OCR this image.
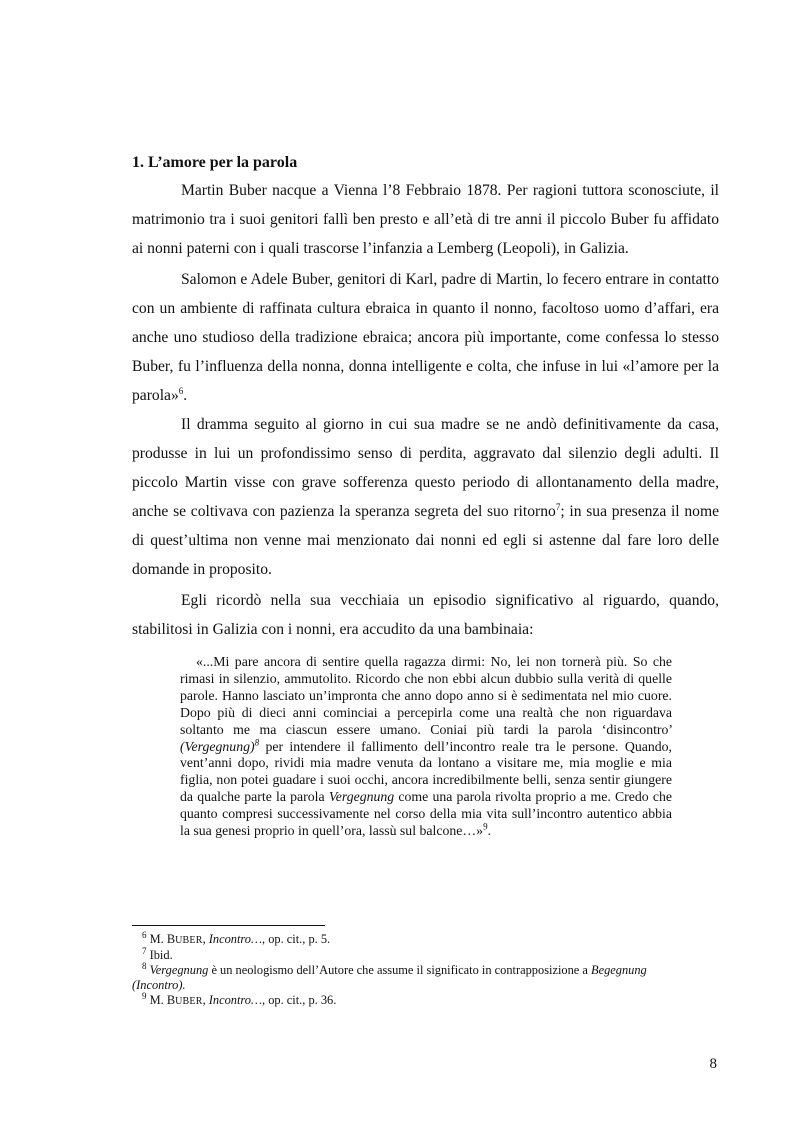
1. L’amore per la parola

Martin Buber nacque a Vienna l’8 Febbraio 1878. Per ragioni tuttora sconosciute, il matrimonio tra i suoi genitori fallì ben presto e all’età di tre anni il piccolo Buber fu affidato ai nonni paterni con i quali trascorse l’infanzia a Lemberg (Leopoli), in Galizia.

Salomon e Adele Buber, genitori di Karl, padre di Martin, lo fecero entrare in contatto con un ambiente di raffinata cultura ebraica in quanto il nonno, facoltoso uomo d’affari, era anche uno studioso della tradizione ebraica; ancora più importante, come confessa lo stesso Buber, fu l’influenza della nonna, donna intelligente e colta, che infuse in lui «l’amore per la parola»$^6$.

Il dramma seguito al giorno in cui sua madre se ne andò definitivamente da casa, produsse in lui un profondissimo senso di perdita, aggravato dal silenzio degli adulti. Il piccolo Martin visse con grave sofferenza questo periodo di allontanamento della madre, anche se coltivava con pazienza la speranza segreta del suo ritorno$^7$; in sua presenza il nome di quest’ultima non venne mai menzionato dai nonni ed egli si astenne dal fare loro delle domande in proposito.

Egli ricordò nella sua vecchiaia un episodio significativo al riguardo, quando, stabilitosi in Galizia con i nonni, era accudito da una bambinaia:

«...Mi pare ancora di sentire quella ragazza dirmi: No, lei non tornerà più. So che rimasi in silenzio, ammutolito. Ricordo che non ebbi alcun dubbio sulla verità di quelle parole. Hanno lasciato un’impronta che anno dopo anno si è sedimentata nel mio cuore. Dopo più di dieci anni cominciai a percepirla come una realtà che non riguardava soltanto me ma ciascun essere umano. Coniai più tardi la parola ‘disincontro’ (Vergegnung)$^8$ per intendere il fallimento dell’incontro reale tra le persone. Quando, vent’anni dopo, rividi mia madre venuta da lontano a visitare me, mia moglie e mia figlia, non potei guadare i suoi occhi, ancora incredibilmente belli, senza sentir giungere da qualche parte la parola Vergegnung come una parola rivolta proprio a me. Credo che quanto compresi successivamente nel corso della mia vita sull’incontro autentico abbia la sua genesi proprio in quell’ora, lassù sul balcone…»$^9$.

$^6$ M. BUBER, Incontro…, op. cit., p. 5.
$^7$ Ibid.
$^8$ Vergegnung è un neologismo dell’Autore che assume il significato in contrapposizione a Begegnung
(Incontro).
$^9$ M. BUBER, Incontro…, op. cit., p. 36.
8
